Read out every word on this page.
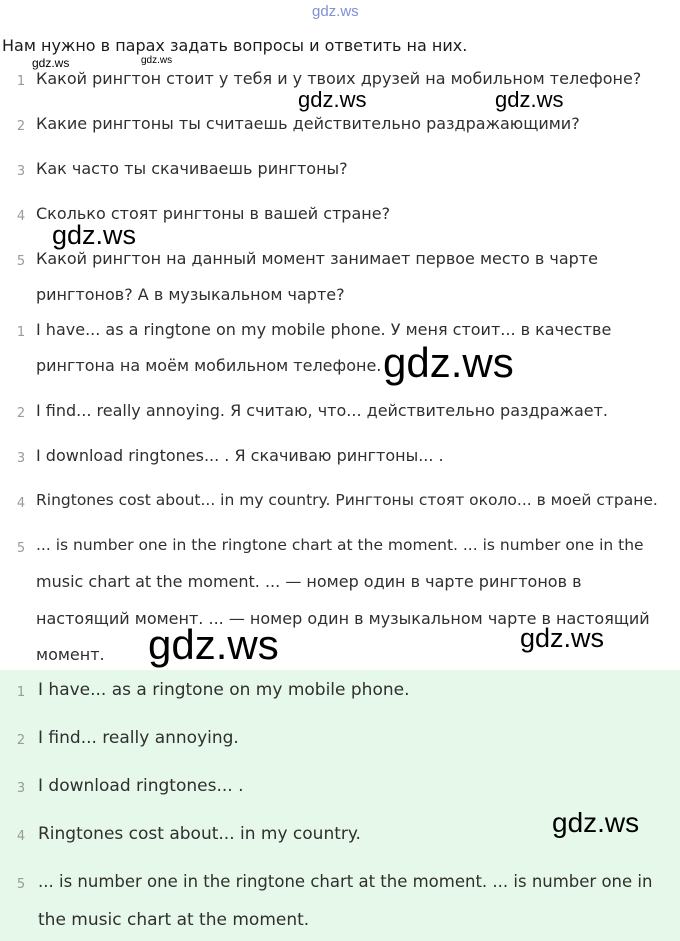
gdz.ws
Нам нужно в парах задать вопросы и ответить на них.
1 Какой рингтон стоит у тебя и у твоих друзей на мобильном телефоне?
2 Какие рингтоны ты считаешь действительно раздражающими?
3 Как часто ты скачиваешь рингтоны?
4 Сколько стоят рингтоны в вашей стране?
5 Какой рингтон на данный момент занимает первое место в чарте
рингтонов? А в музыкальном чарте?
1 I have... as a ringtone on my mobile phone. У меня стоит... в качестве
рингтона на моём мобильном телефоне.
2 I find... really annoying. Я считаю, что... действительно раздражает.
3 I download ringtones... . Я скачиваю рингтоны... .
4 Ringtones cost about... in my country. Рингтоны стоят около... в моей стране.
5 ... is number one in the ringtone chart at the moment. ... is number one in the
music chart at the moment. ... — номер один в чарте рингтонов в
настоящий момент. ... — номер один в музыкальном чарте в настоящий
момент.
1 I have... as a ringtone on my mobile phone.
2 I find... really annoying.
3 I download ringtones... .
4 Ringtones cost about... in my country.
5 ... is number one in the ringtone chart at the moment. ... is number one in
the music chart at the moment.
gdz.ws	gdz.ws
gdz.ws	gdz.ws
gdz.ws
gdz.ws
gdz.ws	gdz.ws
gdz.ws
